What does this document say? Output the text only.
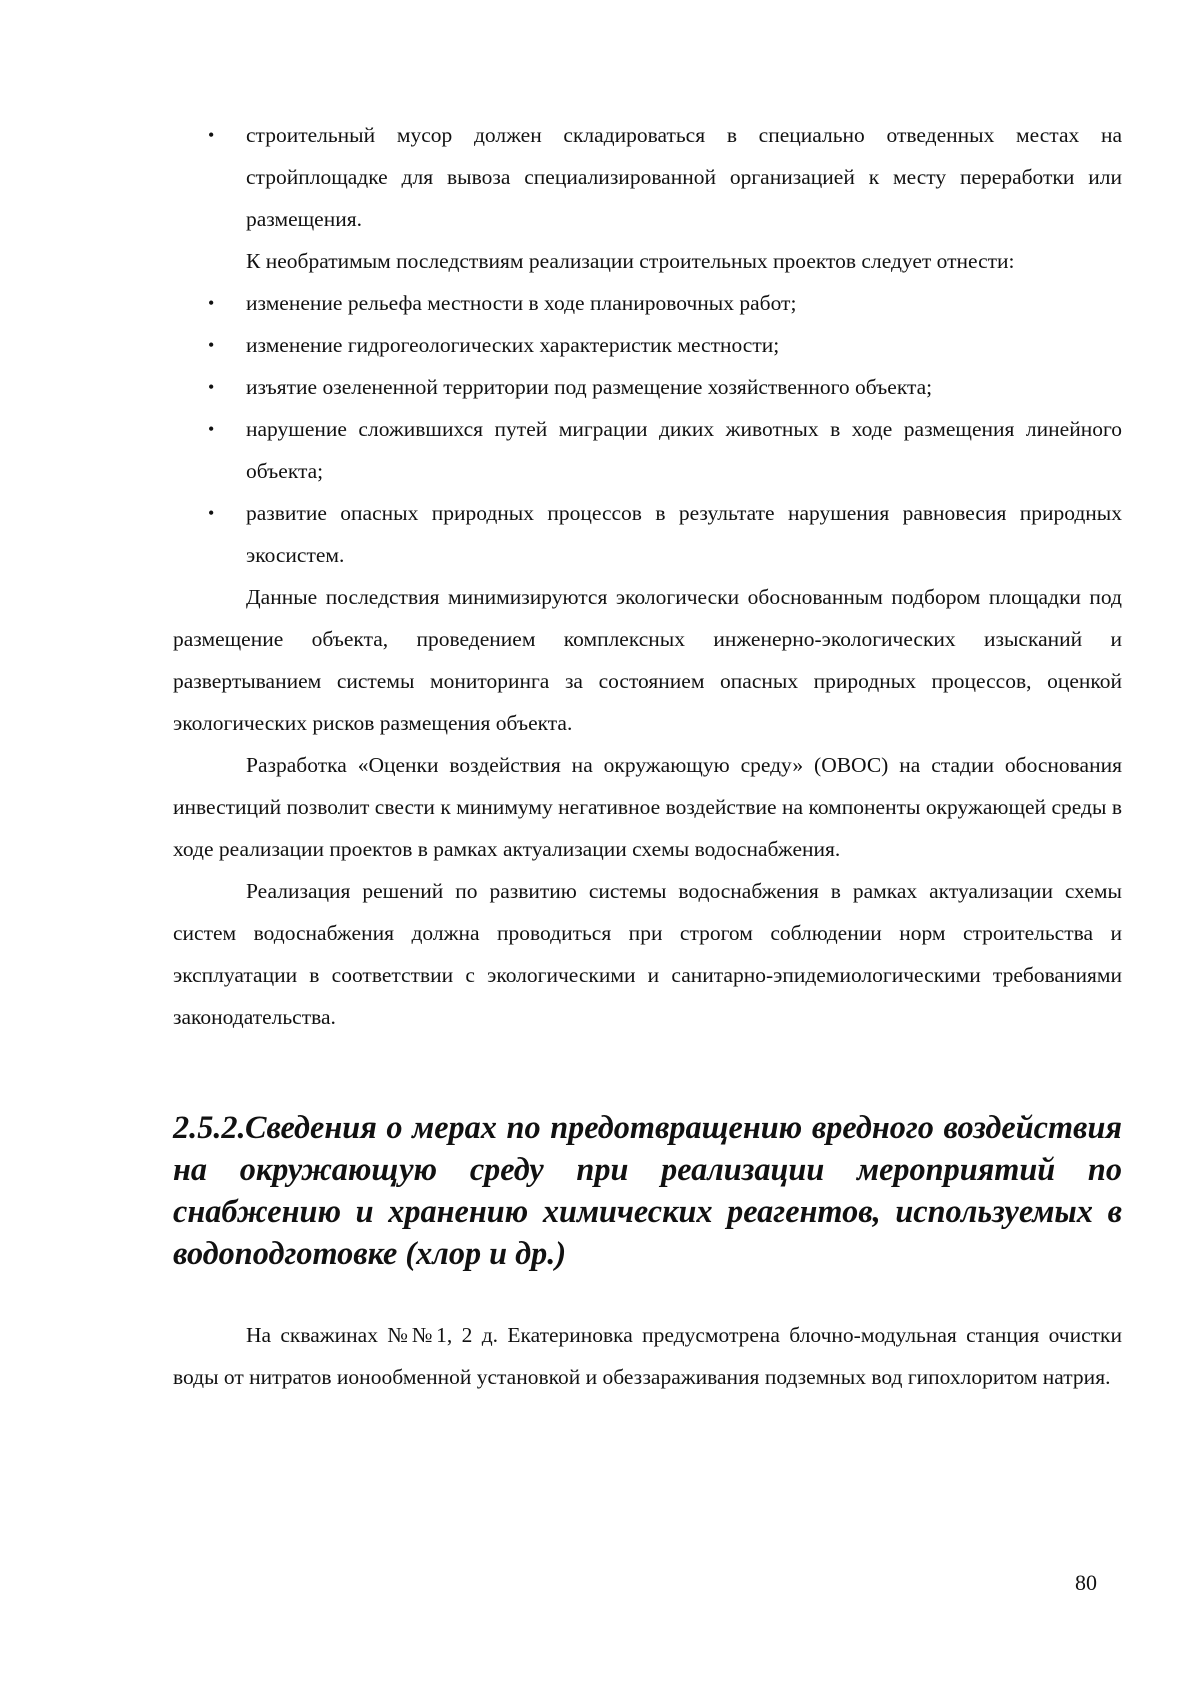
• строительный мусор должен складироваться в специально отведенных местах на стройплощадке для вывоза специализированной организацией к месту переработки или размещения.

К необратимым последствиям реализации строительных проектов следует отнести:

• изменение рельефа местности в ходе планировочных работ;
• изменение гидрогеологических характеристик местности;
• изъятие озелененной территории под размещение хозяйственного объекта;
• нарушение сложившихся путей миграции диких животных в ходе размещения линейного объекта;
• развитие опасных природных процессов в результате нарушения равновесия природных экосистем.

Данные последствия минимизируются экологически обоснованным подбором площадки под размещение объекта, проведением комплексных инженерно-экологических изысканий и развертыванием системы мониторинга за состоянием опасных природных процессов, оценкой экологических рисков размещения объекта.

Разработка «Оценки воздействия на окружающую среду» (ОВОС) на стадии обоснования инвестиций позволит свести к минимуму негативное воздействие на компоненты окружающей среды в ходе реализации проектов в рамках актуализации схемы водоснабжения.

Реализация решений по развитию системы водоснабжения в рамках актуализации схемы систем водоснабжения должна проводиться при строгом соблюдении норм строительства и эксплуатации в соответствии с экологическими и санитарно-эпидемиологическими требованиями законодательства.

2.5.2.Сведения о мерах по предотвращению вредного воздействия на окружающую среду при реализации мероприятий по снабжению и хранению химических реагентов, используемых в водоподготовке (хлор и др.)

На скважинах №№1, 2 д. Екатериновка предусмотрена блочно-модульная станция очистки воды от нитратов ионообменной установкой и обеззараживания подземных вод гипохлоритом натрия.

80
